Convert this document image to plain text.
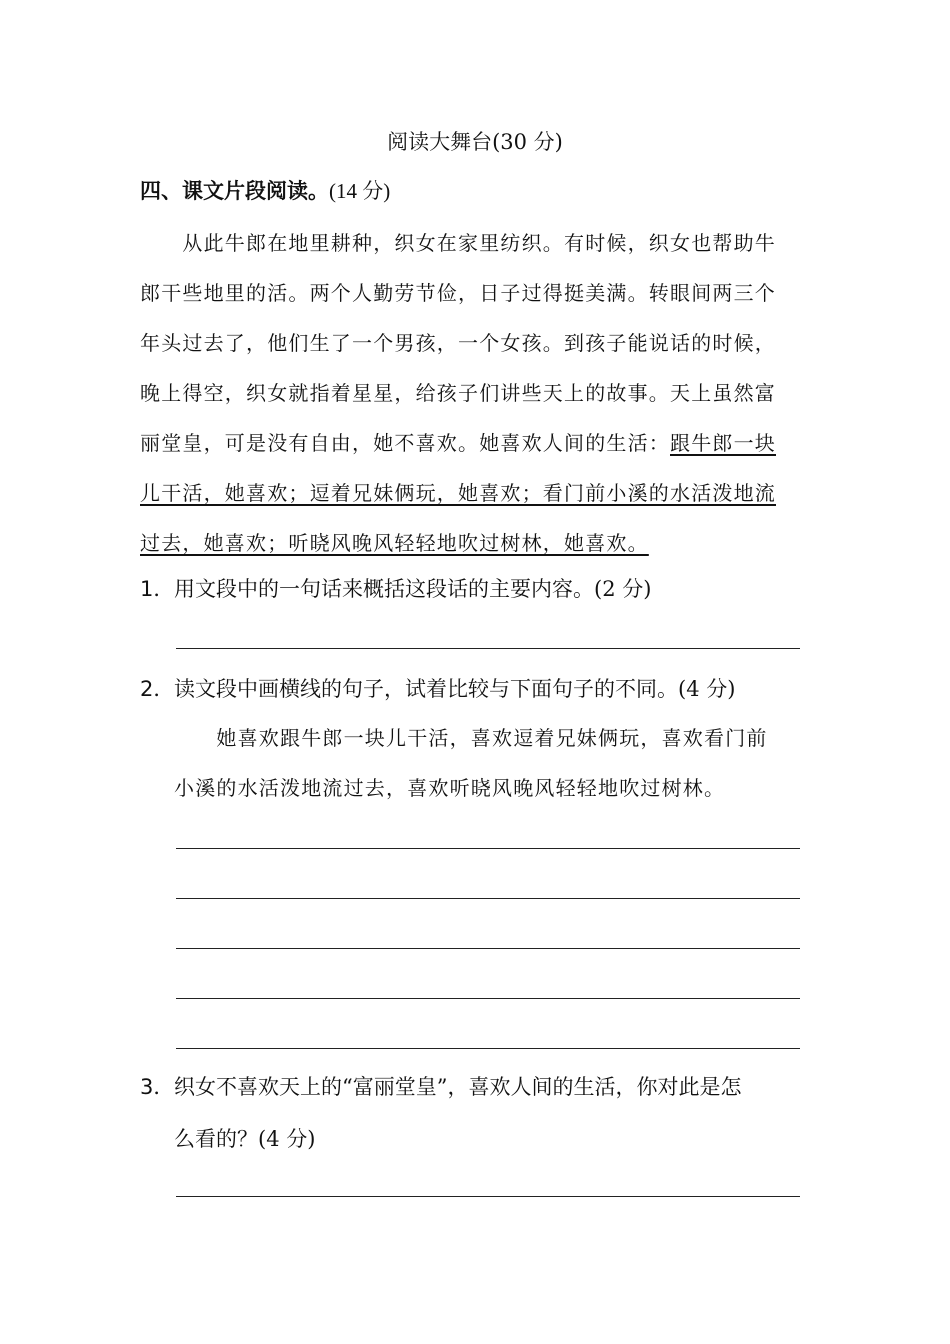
阅读大舞台(30 分)
四、课文片段阅读。(14 分)
　　从此牛郎在地里耕种，织女在家里纺织。有时候，织女也帮助牛
郎干些地里的活。两个人勤劳节俭，日子过得挺美满。转眼间两三个
年头过去了，他们生了一个男孩，一个女孩。到孩子能说话的时候，
晚上得空，织女就指着星星，给孩子们讲些天上的故事。天上虽然富
丽堂皇，可是没有自由，她不喜欢。她喜欢人间的生活：跟牛郎一块
儿干活，她喜欢；逗着兄妹俩玩，她喜欢；看门前小溪的水活泼地流
过去，她喜欢；听晓风晚风轻轻地吹过树林，她喜欢。
1．用文段中的一句话来概括这段话的主要内容。(2 分)
2．读文段中画横线的句子，试着比较与下面句子的不同。(4 分)
　　她喜欢跟牛郎一块儿干活，喜欢逗着兄妹俩玩，喜欢看门前
小溪的水活泼地流过去，喜欢听晓风晚风轻轻地吹过树林。
3．织女不喜欢天上的“富丽堂皇”，喜欢人间的生活，你对此是怎
么看的？(4 分)
